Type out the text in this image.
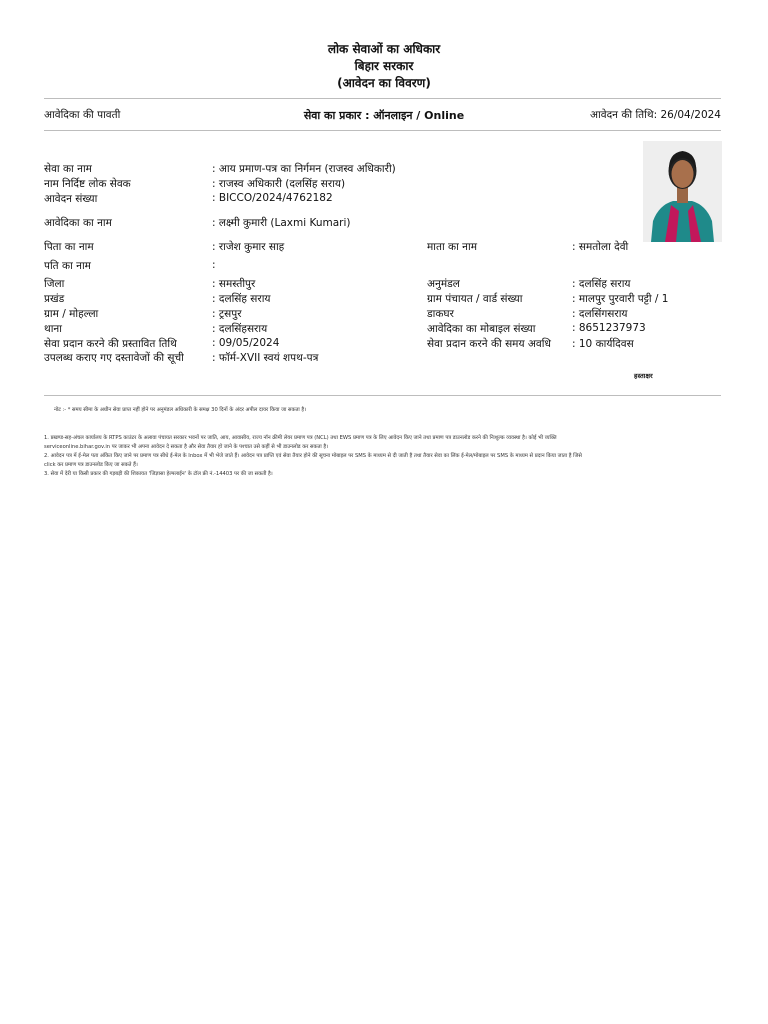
लोक सेवाओं का अधिकार
बिहार सरकार
(आवेदन का विवरण)
आवेदिका की पावती	सेवा का प्रकार : ऑनलाइन / Online	आवेदन की तिथि: 26/04/2024
सेवा का नाम	: आय प्रमाण-पत्र का निर्गमन (राजस्व अधिकारी)
नाम निर्दिष्ट लोक सेवक	: राजस्व अधिकारी (दलसिंह सराय)
आवेदन संख्या	: BICCO/2024/4762182
आवेदिका का नाम	: लक्ष्मी कुमारी (Laxmi Kumari)
पिता का नाम	: राजेश कुमार साह	माता का नाम	: समतोला देवी
पति का नाम	:
जिला	: समस्तीपुर	अनुमंडल	: दलसिंह सराय
प्रखंड	: दलसिंह सराय	ग्राम पंचायत / वार्ड संख्या	: मालपुर पुरवारी पट्टी / 1
ग्राम / मोहल्ला	: ट्रसपुर	डाकघर	: दलसिंगसराय
थाना	: दलसिंहसराय	आवेदिका का मोबाइल संख्या	: 8651237973
सेवा प्रदान करने की प्रस्तावित तिथि	: 09/05/2024	सेवा प्रदान करने की समय अवधि : 10 कार्यदिवस
उपलब्ध कराए गए दस्तावेजों की सूची	: फॉर्म-XVII स्वयं शपथ-पत्र
हस्ताक्षर
नोट :- * समय सीमा के अधीन सेवा प्राप्त नहीं होने पर अनुमंडल अधिकारी के समक्ष 30 दिनों के अंदर अपील दायर किया जा सकता है।
1. प्रखण्ड-सह-अंचल कार्यालय के RTPS काउंटर के अलावा पंचायत सरकार भवनों पर जाति, आय, आवासीय, राज्य नॉन क्रीमी लेयर प्रमाण पत्र (NCL) तथा EWS प्रमाण पत्र के लिए आवेदन किए जाने तथा प्रमाण पत्र डाउनलोड करने की निःशुल्क व्यवस्था है। कोई भी व्यक्ति
serviceonline.bihar.gov.in पर जाकर भी अपना आवेदन दे सकता है और सेवा तैयार हो जाने के पश्चात उसे कहीं से भी डाउनलोड कर सकता है।
2. आवेदन पत्र में ई-मेल पता अंकित किए जाने पर प्रमाण पत्र सीधे ई-मेल के Inbox में भी भेजे जाते हैं। आवेदन पत्र प्राप्ति एवं सेवा तैयार होने की सूचना मोबाइल पर SMS के माध्यम से दी जाती है तथा तैयार सेवा का लिंक ई-मेल/मोबाइल पर SMS के माध्यम से प्रदान किया जाता है जिसे
click कर प्रमाण पत्र डाउनलोड किए जा सकते हैं।
3. सेवा में देरी या किसी प्रकार की गड़बड़ी की शिकायत 'जिज्ञासा हेल्पलाईन' के टॉल फ्री नं.-14403 पर की जा सकती है।
